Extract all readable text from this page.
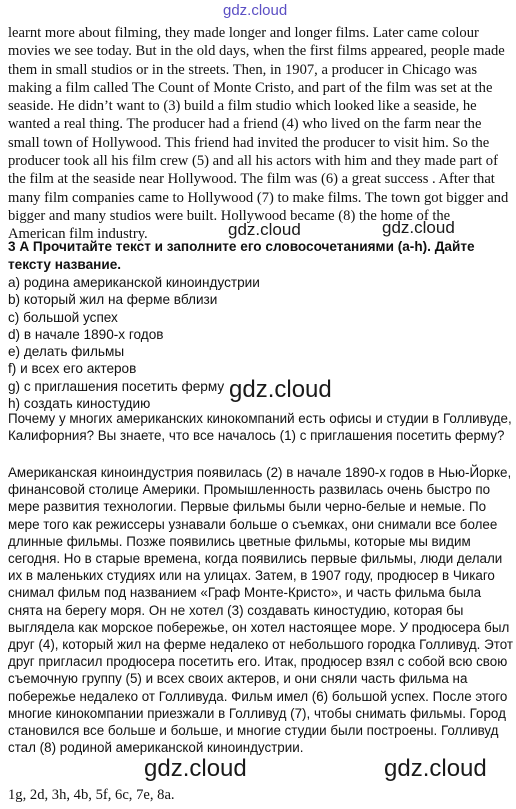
gdz.cloud

learnt more about filming, they made longer and longer films. Later came colour movies we see today. But in the old days, when the first films appeared, people made them in small studios or in the streets. Then, in 1907, a producer in Chicago was making a film called The Count of Monte Cristo, and part of the film was set at the seaside. He didn’t want to (3) build a film studio which looked like a seaside, he wanted a real thing. The producer had a friend (4) who lived on the farm near the small town of Hollywood. This friend had invited the producer to visit him. So the producer took all his film crew (5) and all his actors with him and they made part of the film at the seaside near Hollywood. The film was (6) a great success . After that many film companies came to Hollywood (7) to make films. The town got bigger and bigger and many studios were built. Hollywood became (8) the home of the American film industry.	gdz.cloud	gdz.cloud

3 А Прочитайте текст и заполните его словосочетаниями (а-h). Дайте тексту название.

а) родина американской киноиндустрии
b) который жил на ферме вблизи
c) большой успех
d) в начале 1890-х годов
e) делать фильмы
f) и всех его актеров
g) с приглашения посетить ферму
h) создать киностудию
gdz.cloud

Почему у многих американских кинокомпаний есть офисы и студии в Голливуде, Калифорния? Вы знаете, что все началось (1) с приглашения посетить ферму?

Американская киноиндустрия появилась (2) в начале 1890-х годов в Нью-Йорке, финансовой столице Америки. Промышленность развилась очень быстро по мере развития технологии. Первые фильмы были черно-белые и немые. По мере того как режиссеры узнавали больше о съемках, они снимали все более длинные фильмы. Позже появились цветные фильмы, которые мы видим сегодня. Но в старые времена, когда появились первые фильмы, люди делали их в маленьких студиях или на улицах. Затем, в 1907 году, продюсер в Чикаго снимал фильм под названием «Граф Монте-Кристо», и часть фильма была снята на берегу моря. Он не хотел (3) создавать киностудию, которая бы выглядела как морское побережье, он хотел настоящее море. У продюсера был друг (4), который жил на ферме недалеко от небольшого городка Голливуд. Этот друг пригласил продюсера посетить его. Итак, продюсер взял с собой всю свою съемочную группу (5) и всех своих актеров, и они сняли часть фильма на побережье недалеко от Голливуда. Фильм имел (6) большой успех. После этого многие кинокомпании приезжали в Голливуд (7), чтобы снимать фильмы. Город становился все больше и больше, и многие студии были построены. Голливуд стал (8) родиной американской киноиндустрии.

gdz.cloud	gdz.cloud

1g, 2d, 3h, 4b, 5f, 6c, 7e, 8a.
